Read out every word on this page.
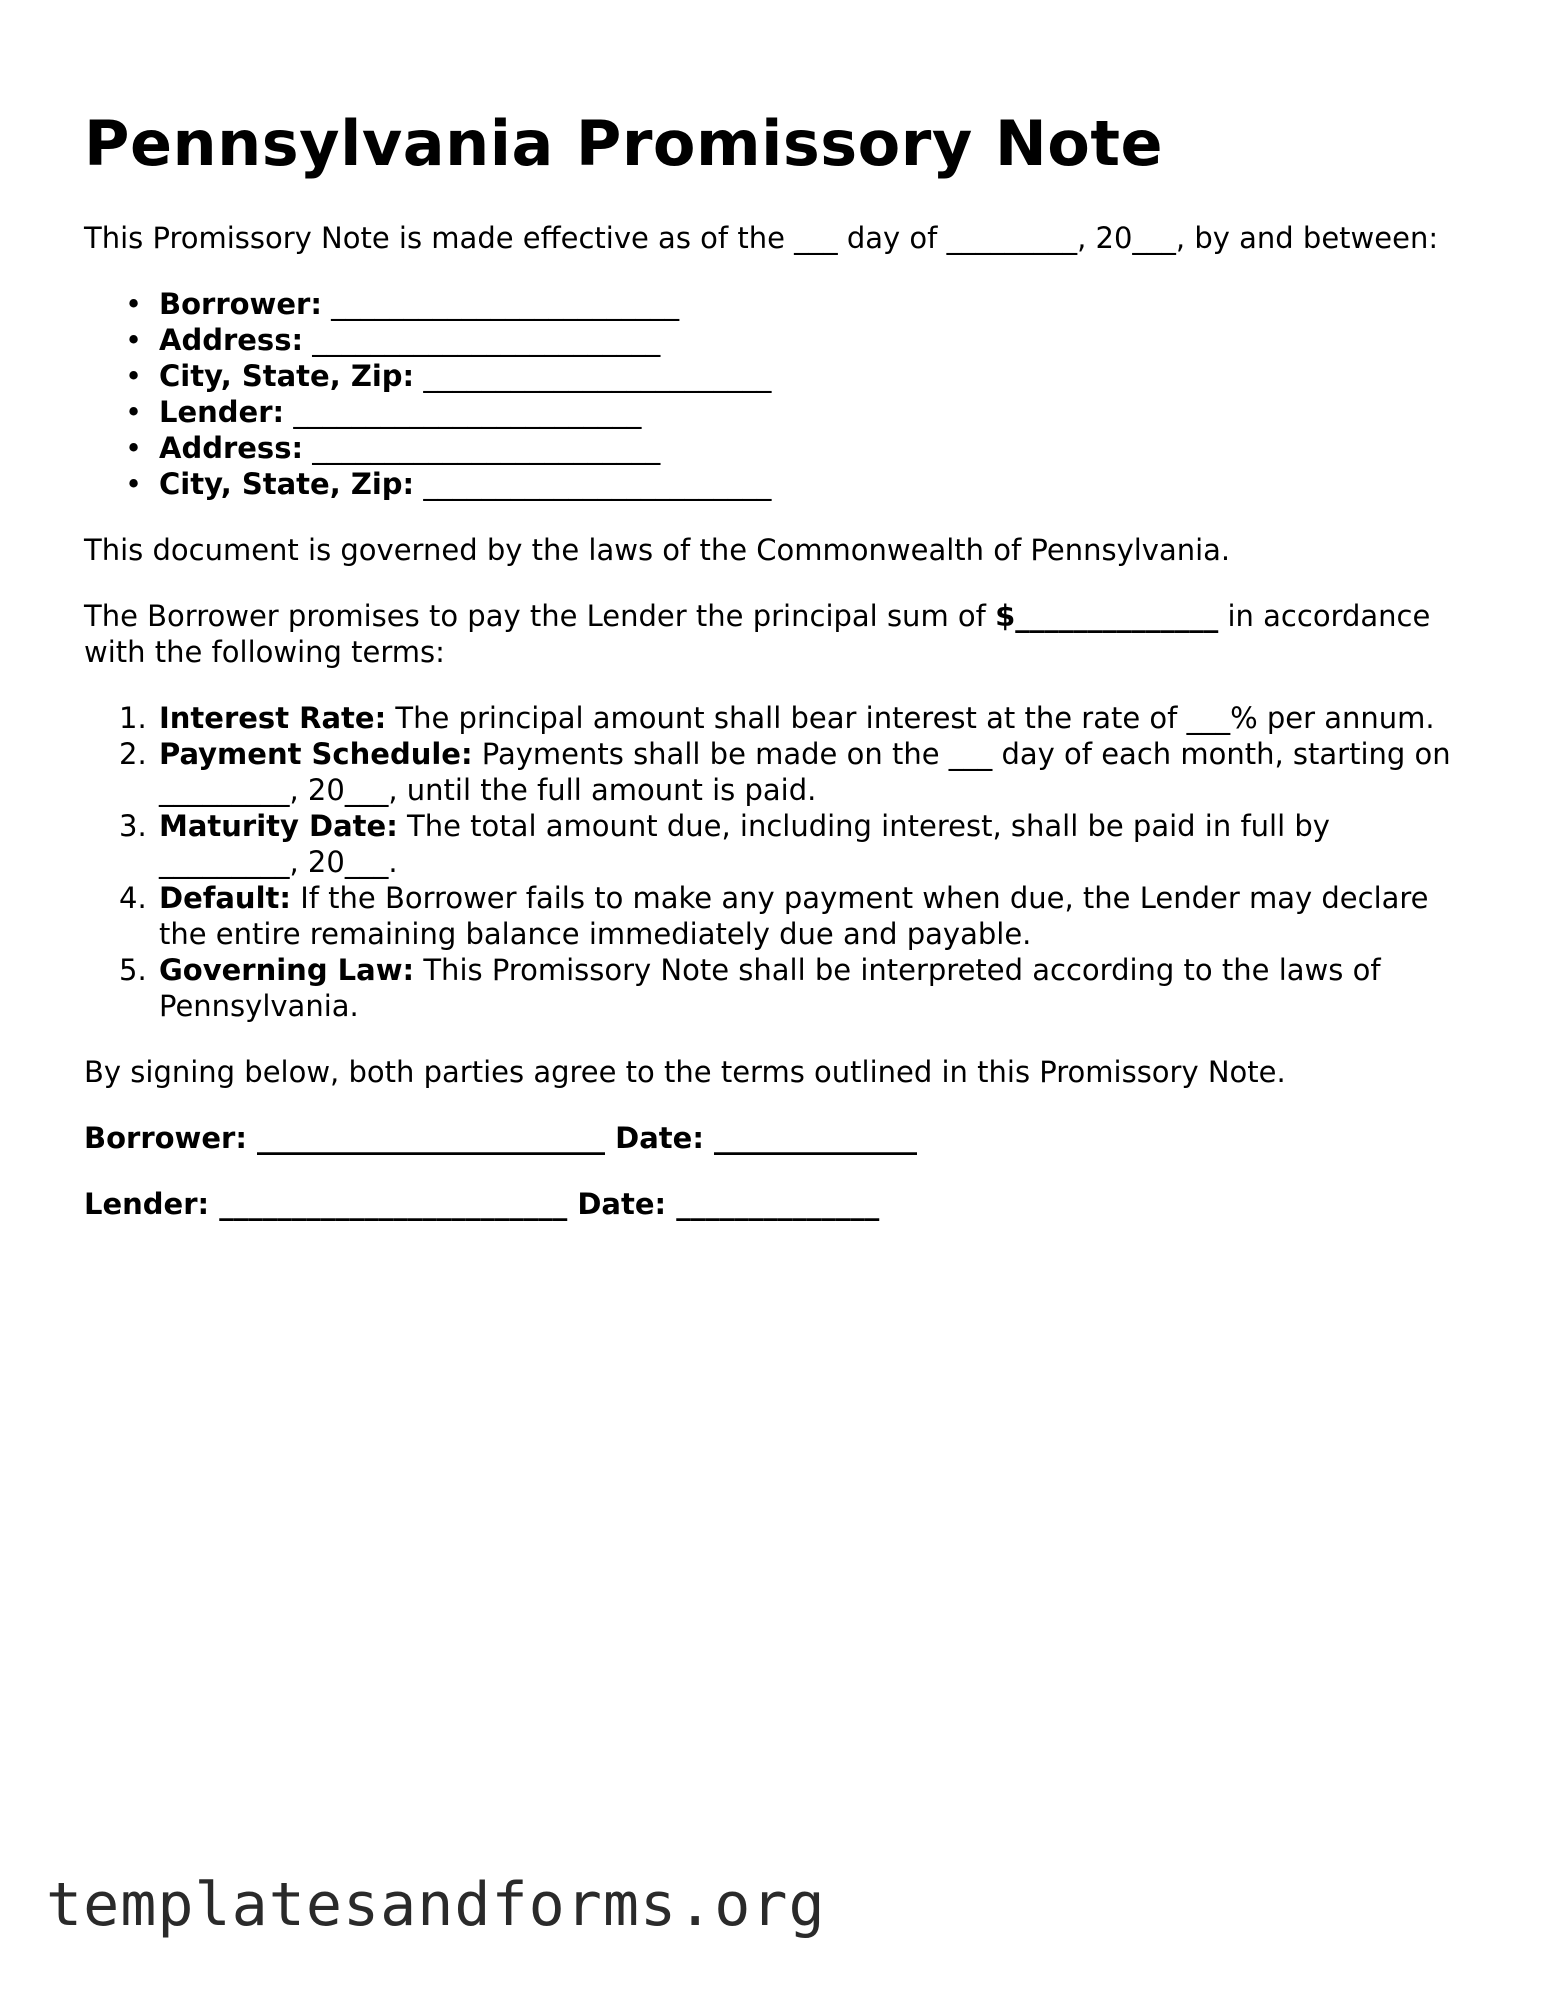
Pennsylvania Promissory Note

This Promissory Note is made effective as of the ___ day of _________, 20___, by and between:

• Borrower: ________________________
• Address: ________________________
• City, State, Zip: ________________________
• Lender: ________________________
• Address: ________________________
• City, State, Zip: ________________________

This document is governed by the laws of the Commonwealth of Pennsylvania.

The Borrower promises to pay the Lender the principal sum of $______________ in accordance with the following terms:

1. Interest Rate: The principal amount shall bear interest at the rate of ___% per annum.
2. Payment Schedule: Payments shall be made on the ___ day of each month, starting on _________, 20___, until the full amount is paid.
3. Maturity Date: The total amount due, including interest, shall be paid in full by _________, 20___.
4. Default: If the Borrower fails to make any payment when due, the Lender may declare the entire remaining balance immediately due and payable.
5. Governing Law: This Promissory Note shall be interpreted according to the laws of Pennsylvania.

By signing below, both parties agree to the terms outlined in this Promissory Note.

Borrower: ________________________ Date: ______________

Lender: ________________________ Date: ______________

templatesandforms.org
